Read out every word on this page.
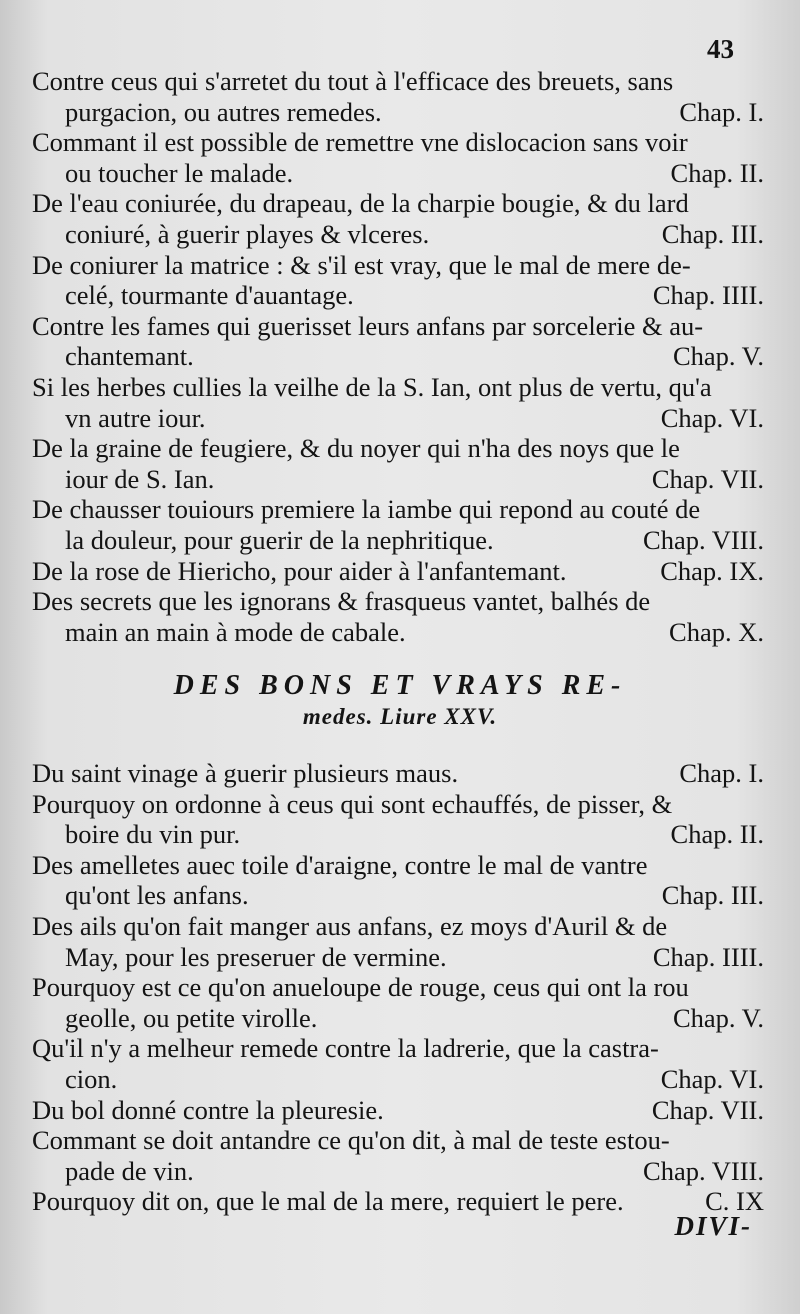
43
Contre ceus qui s'arretet du tout à l'efficace des breuets, sans
purgacion, ou autres remedes.	Chap. I.
Commant il est possible de remettre vne dislocacion sans voir
ou toucher le malade.	Chap. II.
De l'eau coniurée, du drapeau, de la charpie bougie, & du lard
coniuré, à guerir playes & vlceres.	Chap. III.
De coniurer la matrice : & s'il est vray, que le mal de mere de-
celé, tourmante d'auantage.	Chap. IIII.
Contre les fames qui guerisset leurs anfans par sorcelerie & au-
chantemant.	Chap. V.
Si les herbes cullies la veilhe de la S. Ian, ont plus de vertu, qu'a
vn autre iour.	Chap. VI.
De la graine de feugiere, & du noyer qui n'ha des noys que le
iour de S. Ian.	Chap. VII.
De chausser touiours premiere la iambe qui repond au couté de
la douleur, pour guerir de la nephritique.	Chap. VIII.
De la rose de Hiericho, pour aider à l'anfantemant.	Chap. IX.
Des secrets que les ignorans & frasqueus vantet, balhés de
main an main à mode de cabale.	Chap. X.
DES BONS ET VRAYS RE-
medes. Liure XXV.
Du saint vinage à guerir plusieurs maus.	Chap. I.
Pourquoy on ordonne à ceus qui sont echauffés, de pisser, &
boire du vin pur.	Chap. II.
Des amelletes auec toile d'araigne, contre le mal de vantre
qu'ont les anfans.	Chap. III.
Des ails qu'on fait manger aus anfans, ez moys d'Auril & de
May, pour les preseruer de vermine.	Chap. IIII.
Pourquoy est ce qu'on anueloupe de rouge, ceus qui ont la rou
geolle, ou petite virolle.	Chap. V.
Qu'il n'y a melheur remede contre la ladrerie, que la castra-
cion.	Chap. VI.
Du bol donné contre la pleuresie.	Chap. VII.
Commant se doit antandre ce qu'on dit, à mal de teste estou-
pade de vin.	Chap. VIII.
Pourquoy dit on, que le mal de la mere, requiert le pere.	C. IX
DIVI-
